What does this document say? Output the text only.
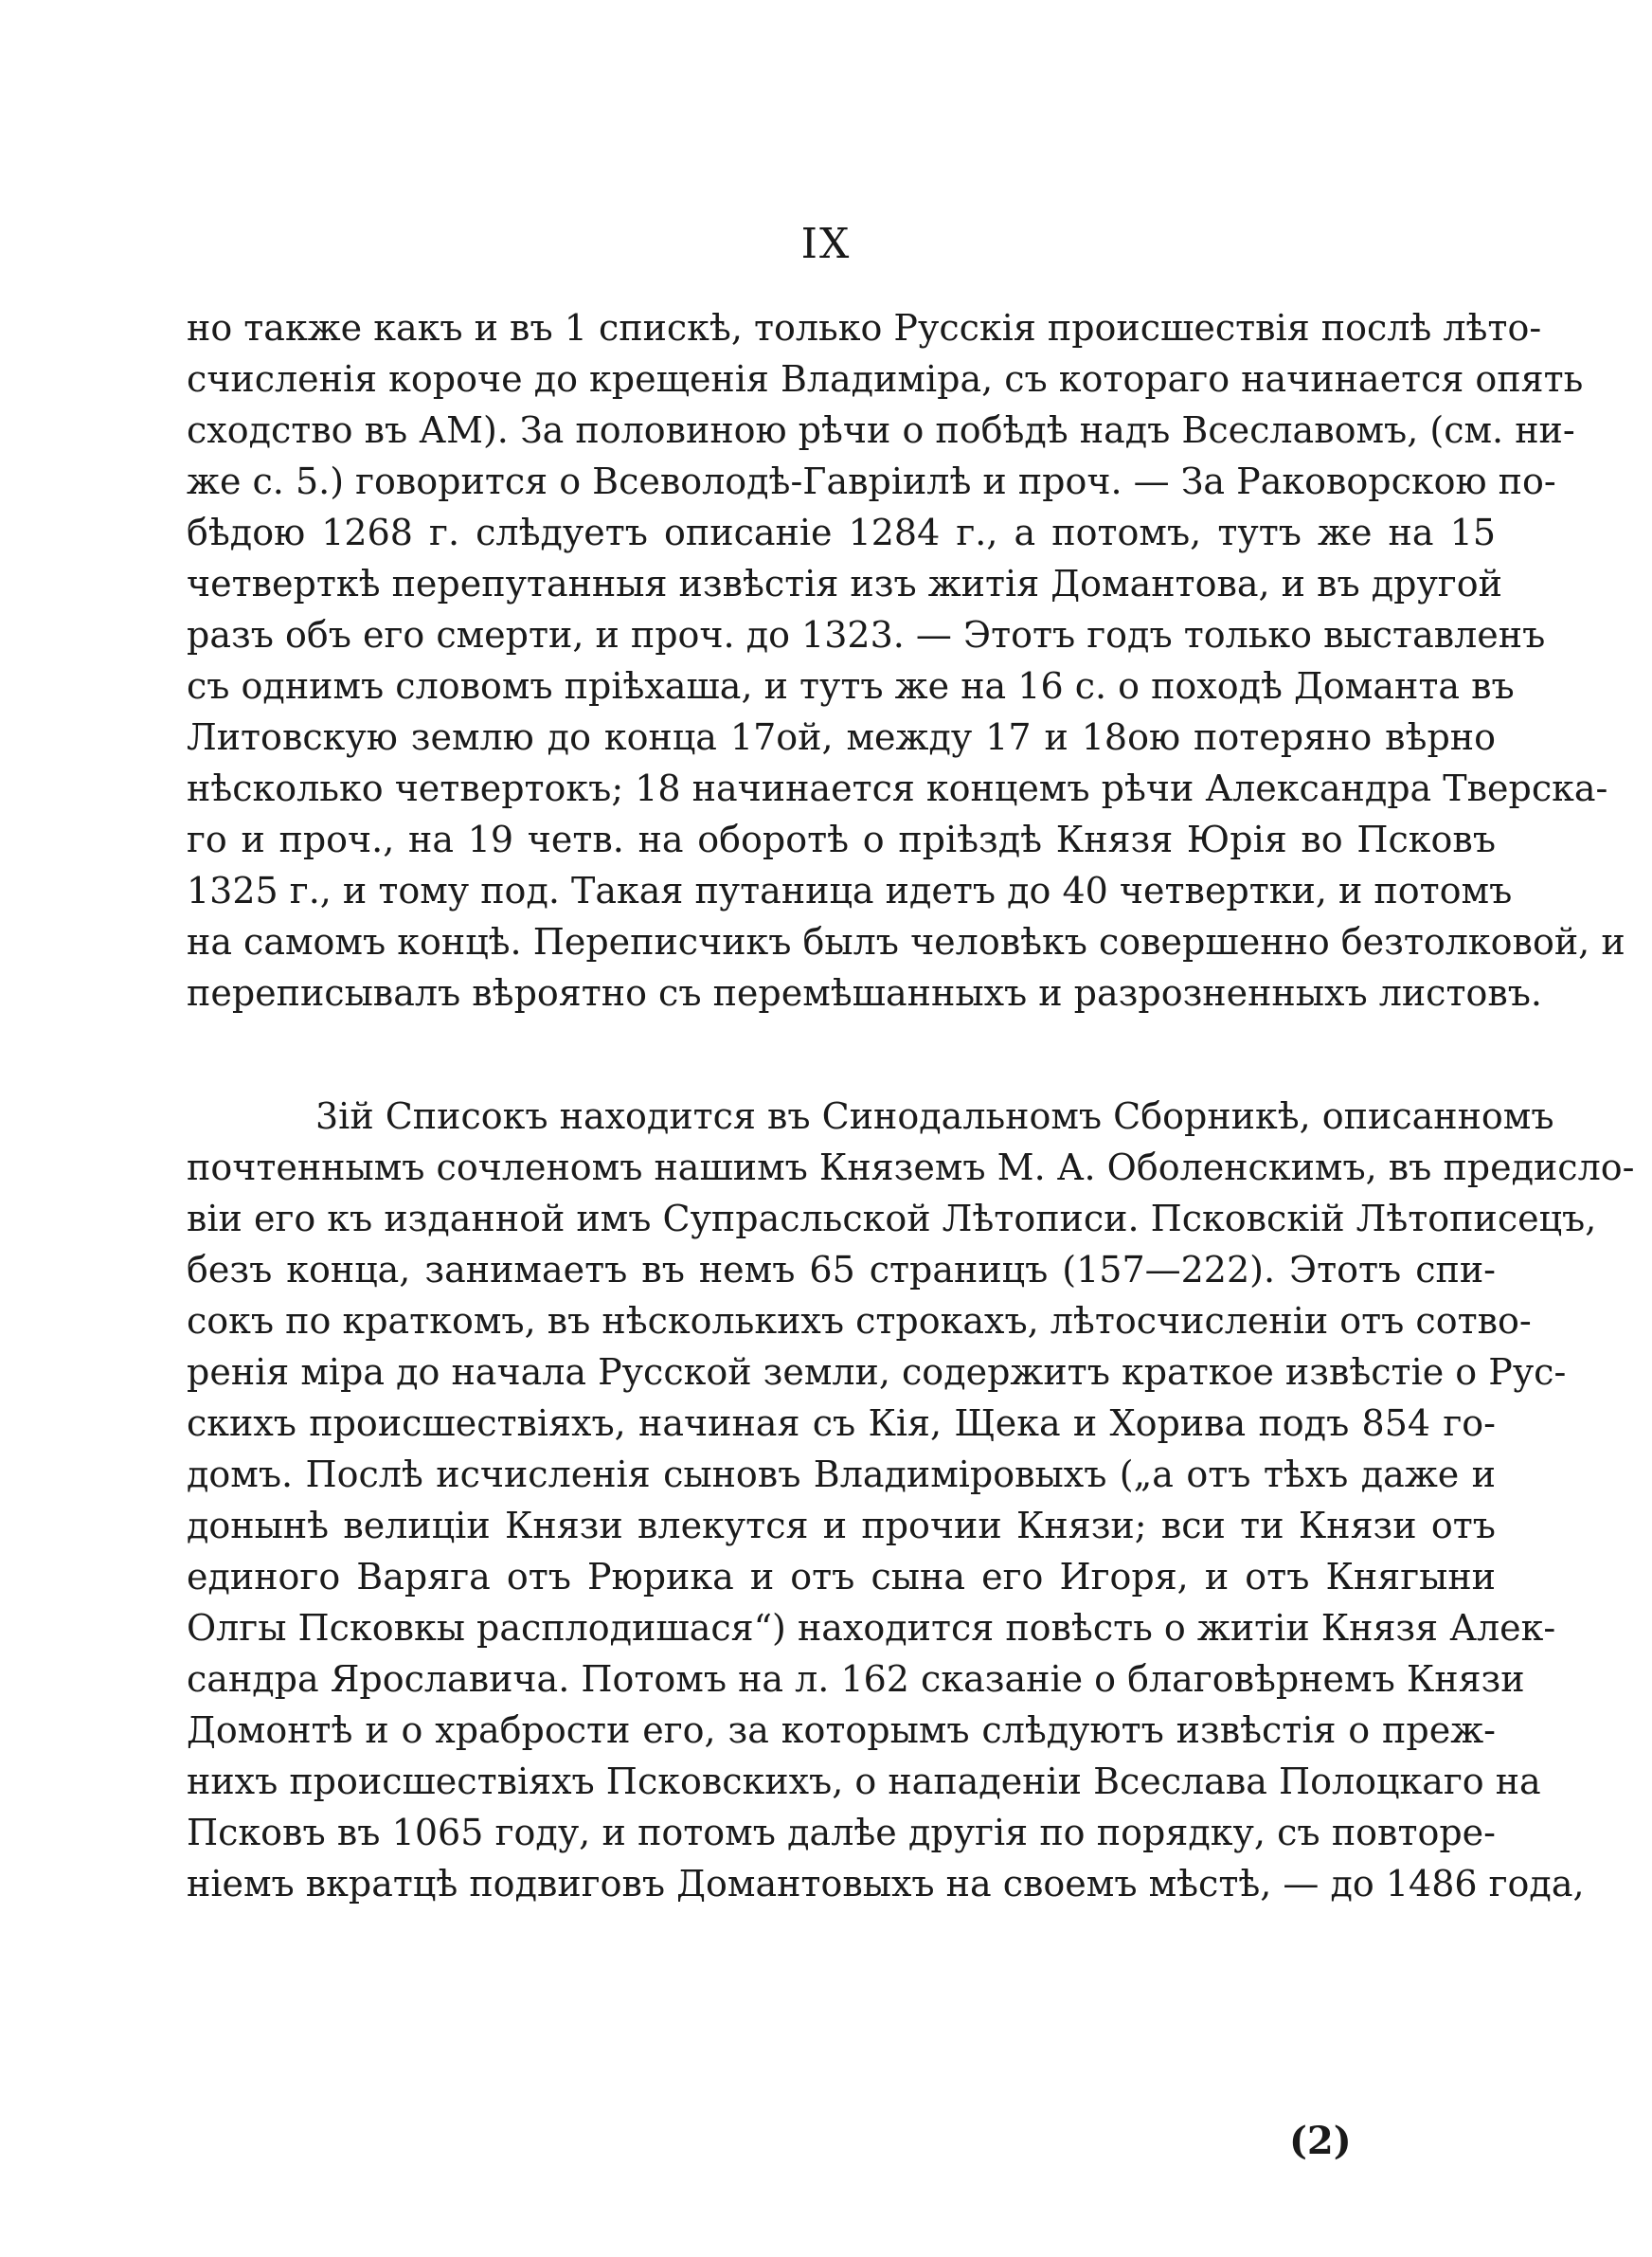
IX
но также какъ и въ 1 спискѣ, только Русскія происшествія послѣ лѣто-
счисленія короче до крещенія Владиміра, съ котораго начинается опять
сходство въ АМ). За половиною рѣчи о побѣдѣ надъ Всеславомъ, (см. ни-
же с. 5.) говорится о Всеволодѣ-Гавріилѣ и проч. — За Раковорскою по-
бѣдою 1268 г. слѣдуетъ описаніе 1284 г., а потомъ, тутъ же на 15
четверткѣ перепутанныя извѣстія изъ житія Домантова, и въ другой
разъ объ его смерти, и проч. до 1323. — Этотъ годъ только выставленъ
съ однимъ словомъ пріѣхаша, и тутъ же на 16 с. о походѣ Доманта въ
Литовскую землю до конца 17ой, между 17 и 18ою потеряно вѣрно
нѣсколько четвертокъ; 18 начинается концемъ рѣчи Александра Тверска-
го и проч., на 19 четв. на оборотѣ о пріѣздѣ Князя Юрія во Псковъ
1325 г., и тому под. Такая путаница идетъ до 40 четвертки, и потомъ
на самомъ концѣ. Переписчикъ былъ человѣкъ совершенно безтолковой, и
переписывалъ вѣроятно съ перемѣшанныхъ и разрозненныхъ листовъ.
3ій Списокъ находится въ Синодальномъ Сборникѣ, описанномъ
почтеннымъ сочленомъ нашимъ Княземъ М. А. Оболенскимъ, въ предисло-
віи его къ изданной имъ Супрасльской Лѣтописи. Псковскій Лѣтописецъ,
безъ конца, занимаетъ въ немъ 65 страницъ (157—222). Этотъ спи-
сокъ по краткомъ, въ нѣсколькихъ строкахъ, лѣтосчисленіи отъ сотво-
ренія міра до начала Русской земли, содержитъ краткое извѣстіе о Рус-
скихъ происшествіяхъ, начиная съ Кія, Щека и Хорива подъ 854 го-
домъ. Послѣ исчисленія сыновъ Владиміровыхъ („а отъ тѣхъ даже и
донынѣ велицiи Князи влекутся и прочии Князи; вси ти Князи отъ
единого Варяга отъ Рюрика и отъ сына его Игоря, и отъ Княгыни
Олгы Псковкы расплодишася“) находится повѣсть о житіи Князя Алек-
сандра Ярославича. Потомъ на л. 162 сказаніе о благовѣрнемъ Князи
Домонтѣ и о храбрости его, за которымъ слѣдуютъ извѣстія о преж-
нихъ происшествіяхъ Псковскихъ, о нападеніи Всеслава Полоцкаго на
Псковъ въ 1065 году, и потомъ далѣе другія по порядку, съ повторе-
ніемъ вкратцѣ подвиговъ Домантовыхъ на своемъ мѣстѣ, — до 1486 года,
(2)
